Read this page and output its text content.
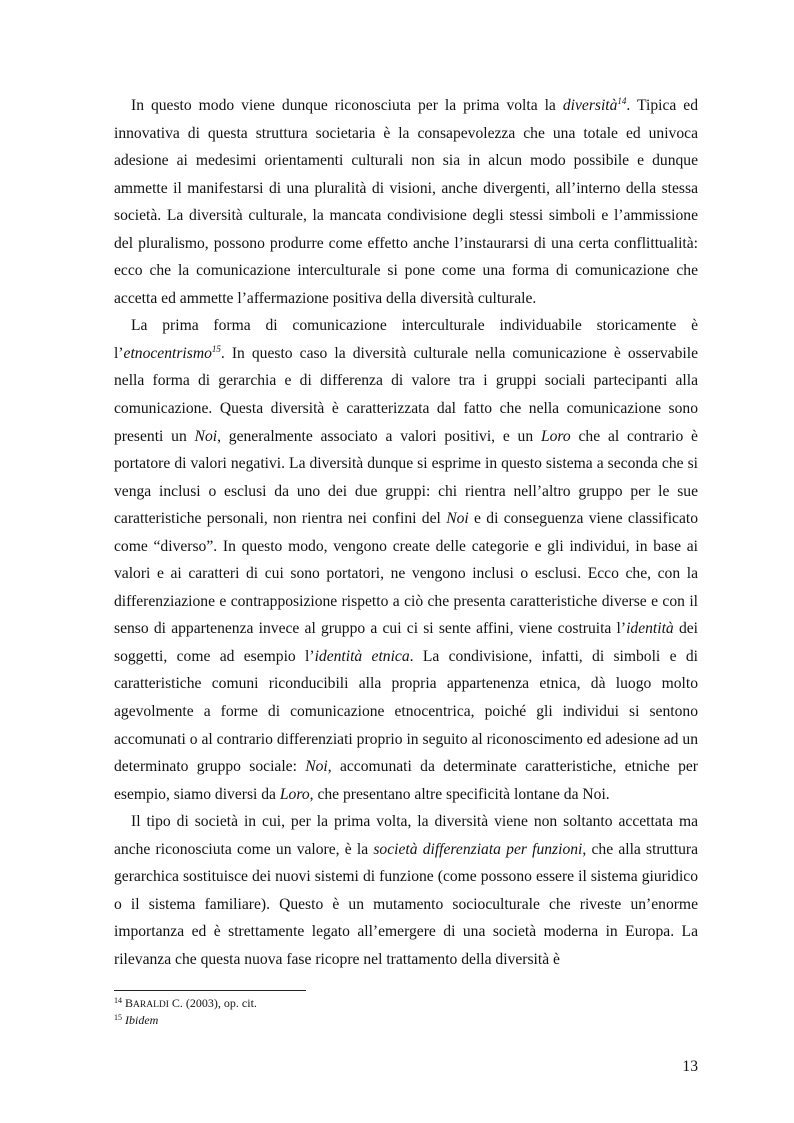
In questo modo viene dunque riconosciuta per la prima volta la diversità$^{14}$. Tipica ed innovativa di questa struttura societaria è la consapevolezza che una totale ed univoca adesione ai medesimi orientamenti culturali non sia in alcun modo possibile e dunque ammette il manifestarsi di una pluralità di visioni, anche divergenti, all’interno della stessa società. La diversità culturale, la mancata condivisione degli stessi simboli e l’ammissione del pluralismo, possono produrre come effetto anche l’instaurarsi di una certa conflittualità: ecco che la comunicazione interculturale si pone come una forma di comunicazione che accetta ed ammette l’affermazione positiva della diversità culturale.

La prima forma di comunicazione interculturale individuabile storicamente è l’etnocentrismo$^{15}$. In questo caso la diversità culturale nella comunicazione è osservabile nella forma di gerarchia e di differenza di valore tra i gruppi sociali partecipanti alla comunicazione. Questa diversità è caratterizzata dal fatto che nella comunicazione sono presenti un Noi, generalmente associato a valori positivi, e un Loro che al contrario è portatore di valori negativi. La diversità dunque si esprime in questo sistema a seconda che si venga inclusi o esclusi da uno dei due gruppi: chi rientra nell’altro gruppo per le sue caratteristiche personali, non rientra nei confini del Noi e di conseguenza viene classificato come “diverso”. In questo modo, vengono create delle categorie e gli individui, in base ai valori e ai caratteri di cui sono portatori, ne vengono inclusi o esclusi. Ecco che, con la differenziazione e contrapposizione rispetto a ciò che presenta caratteristiche diverse e con il senso di appartenenza invece al gruppo a cui ci si sente affini, viene costruita l’identità dei soggetti, come ad esempio l’identità etnica. La condivisione, infatti, di simboli e di caratteristiche comuni riconducibili alla propria appartenenza etnica, dà luogo molto agevolmente a forme di comunicazione etnocentrica, poiché gli individui si sentono accomunati o al contrario differenziati proprio in seguito al riconoscimento ed adesione ad un determinato gruppo sociale: Noi, accomunati da determinate caratteristiche, etniche per esempio, siamo diversi da Loro, che presentano altre specificità lontane da Noi.

Il tipo di società in cui, per la prima volta, la diversità viene non soltanto accettata ma anche riconosciuta come un valore, è la società differenziata per funzioni, che alla struttura gerarchica sostituisce dei nuovi sistemi di funzione (come possono essere il sistema giuridico o il sistema familiare). Questo è un mutamento socioculturale che riveste un’enorme importanza ed è strettamente legato all’emergere di una società moderna in Europa. La rilevanza che questa nuova fase ricopre nel trattamento della diversità è

$^{14}$ BARALDI C. (2003), op. cit.
$^{15}$ Ibidem
13
